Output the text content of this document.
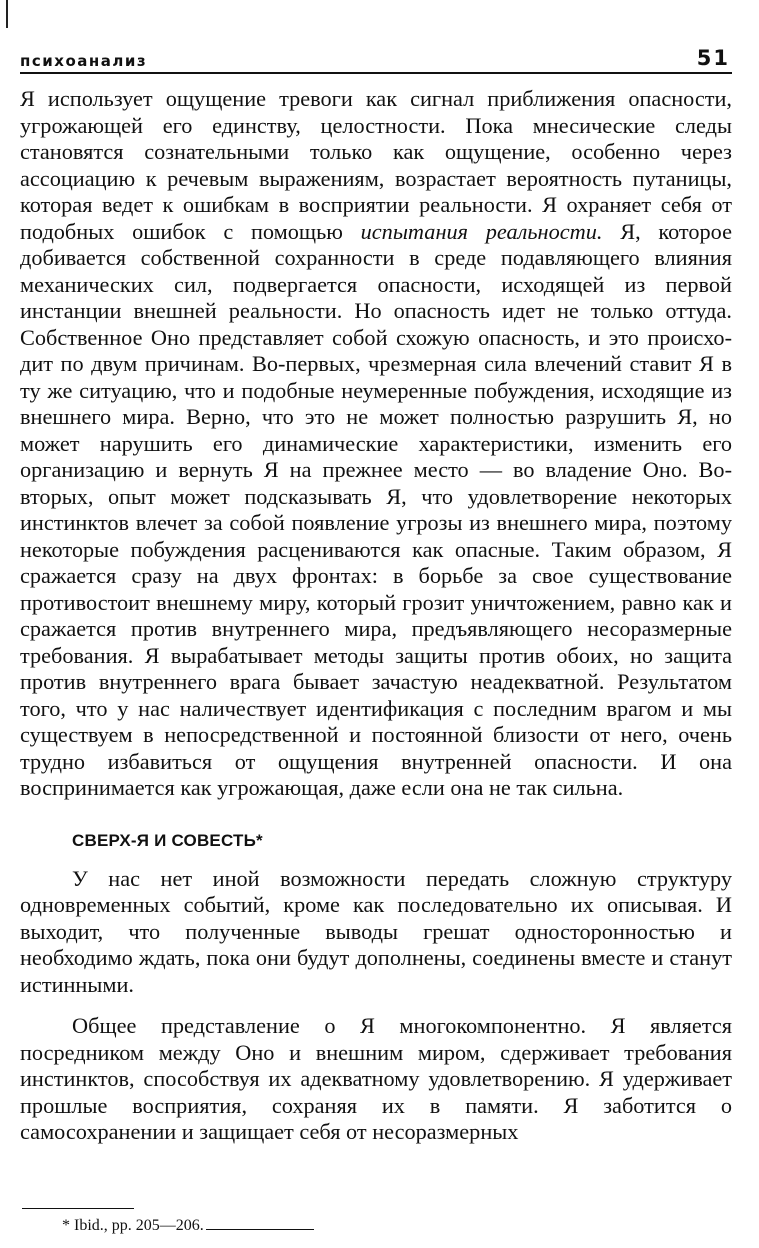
психоанализ	51

Я использует ощущение тревоги как сигнал приближения опасности, угрожающей его единству, целостности. Пока мнесические следы становятся сознательными только как ощущение, особенно через ассоциацию к речевым выражениям, возрастает вероятность путаницы, которая ведет к ошибкам в восприятии реальности. Я охраняет себя от подобных ошибок с помощью испытания реальности. Я, которое добивается собственной сохранности в среде подавляющего влияния механических сил, подвергается опасности, исходящей из первой инстанции внешней реальности. Но опасность идет не только оттуда. Собственное Оно представляет собой схожую опасность, и это происходит по двум причинам. Во-первых, чрезмерная сила влечений ставит Я в ту же ситуацию, что и подобные неумеренные побуждения, исходящие из внешнего мира. Верно, что это не может полностью разрушить Я, но может нарушить его динамические характеристики, изменить его организацию и вернуть Я на прежнее место — во владение Оно. Во-вторых, опыт может подсказывать Я, что удовлетворение некоторых инстинктов влечет за собой появление угрозы из внешнего мира, поэтому некоторые побуждения расцениваются как опасные. Таким образом, Я сражается сразу на двух фронтах: в борьбе за свое существование противостоит внешнему миру, который грозит уничтожением, равно как и сражается против внутреннего мира, предъявляющего несоразмерные требования. Я вырабатывает методы защиты против обоих, но защита против внутреннего врага бывает зачастую неадекватной. Результатом того, что у нас наличествует идентификация с последним врагом и мы существуем в непосредственной и постоянной близости от него, очень трудно избавиться от ощущения внутренней опасности. И она воспринимается как угрожающая, даже если она не так сильна.

СВЕРХ-Я И СОВЕСТЬ*

У нас нет иной возможности передать сложную структуру одновременных событий, кроме как последовательно их описывая. И выходит, что полученные выводы грешат односторонностью и необходимо ждать, пока они будут дополнены, соединены вместе и станут истинными.

Общее представление о Я многокомпонентно. Я является посредником между Оно и внешним миром, сдерживает требования инстинктов, способствуя их адекватному удовлетворению. Я удерживает прошлые восприятия, сохраняя их в памяти. Я заботится о самосохранении и защищает себя от несоразмерных

* Ibid., pp. 205—206.
